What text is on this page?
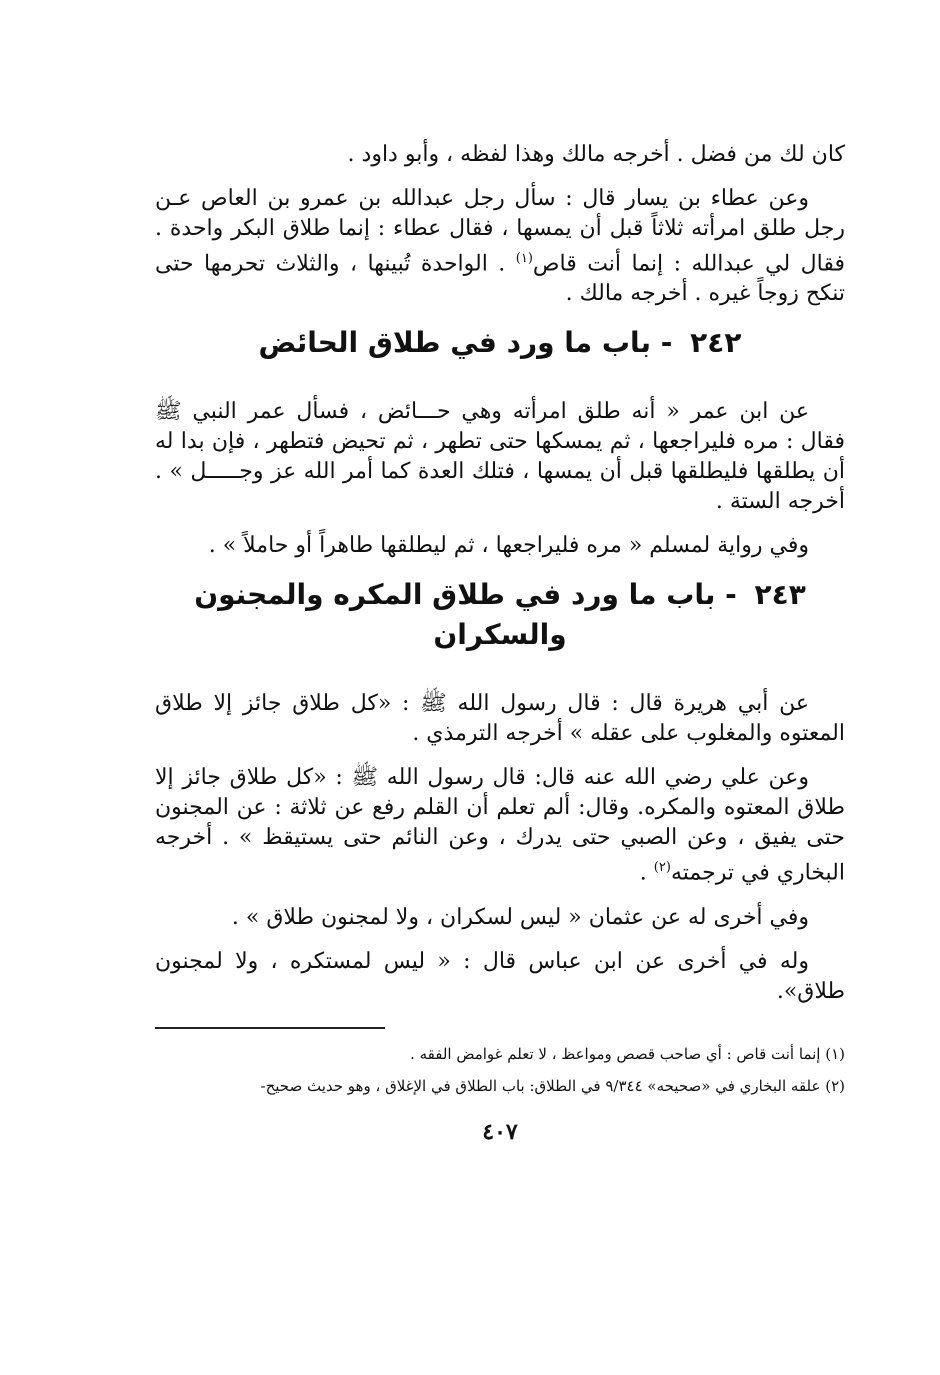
كان لك من فضل . أخرجه مالك وهذا لفظه ، وأبو داود .

وعن عطاء بن يسار قال : سأل رجل عبدالله بن عمرو بن العاص عـن رجل طلق امرأته ثلاثاً قبل أن يمسها ، فقال عطاء : إنما طلاق البكر واحدة . فقال لي عبدالله : إنما أنت قاص$^{(١)}$ . الواحدة تُبينها ، والثلاث تحرمها حتى تنكح زوجاً غيره . أخرجه مالك .

٢٤٢ - باب ما ورد في طلاق الحائض

عن ابن عمر « أنه طلق امرأته وهي حـــائض ، فسأل عمر النبي ﷺ فقال : مره فليراجعها ، ثم يمسكها حتى تطهر ، ثم تحيض فتطهر ، فإن بدا له أن يطلقها فليطلقها قبل أن يمسها ، فتلك العدة كما أمر الله عز وجـــــل » . أخرجه الستة .

وفي رواية لمسلم « مره فليراجعها ، ثم ليطلقها طاهراً أو حاملاً » .

٢٤٣ - باب ما ورد في طلاق المكره والمجنون والسكران

عن أبي هريرة قال : قال رسول الله ﷺ : «كل طلاق جائز إلا طلاق المعتوه والمغلوب على عقله » أخرجه الترمذي .

وعن علي رضي الله عنه قال: قال رسول الله ﷺ : «كل طلاق جائز إلا طلاق المعتوه والمكره. وقال: ألم تعلم أن القلم رفع عن ثلاثة : عن المجنون حتى يفيق ، وعن الصبي حتى يدرك ، وعن النائم حتى يستيقظ » . أخرجه البخاري في ترجمته$^{(٢)}$ .

وفي أخرى له عن عثمان « ليس لسكران ، ولا لمجنون طلاق » .

وله في أخرى عن ابن عباس قال : « ليس لمستكره ، ولا لمجنون طلاق».

(١) إنما أنت قاص : أي صاحب قصص ومواعظ ، لا تعلم غوامض الفقه .

(٢) علقه البخاري في «صحيحه» ٩/٣٤٤ في الطلاق: باب الطلاق في الإغلاق ، وهو حديث صحيح-

٤٠٧
